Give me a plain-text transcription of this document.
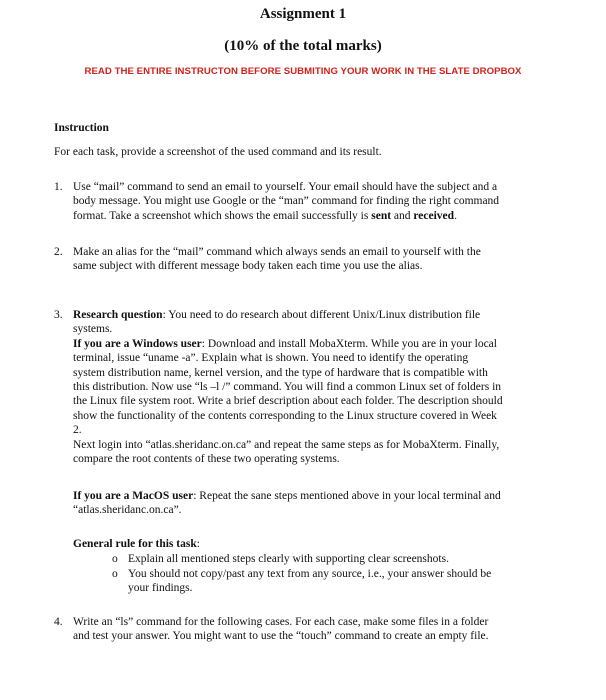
Assignment 1
(10% of the total marks)
READ THE ENTIRE INSTRUCTON BEFORE SUBMITING YOUR WORK IN THE SLATE DROPBOX
Instruction
For each task, provide a screenshot of the used command and its result.
1. Use “mail” command to send an email to yourself. Your email should have the subject and a
body message. You might use Google or the “man” command for finding the right command
format. Take a screenshot which shows the email successfully is sent and received.
2. Make an alias for the “mail” command which always sends an email to yourself with the
same subject with different message body taken each time you use the alias.
3. Research question: You need to do research about different Unix/Linux distribution file
systems.
If you are a Windows user: Download and install MobaXterm. While you are in your local
terminal, issue “uname -a”. Explain what is shown. You need to identify the operating
system distribution name, kernel version, and the type of hardware that is compatible with
this distribution. Now use “ls –l /” command. You will find a common Linux set of folders in
the Linux file system root. Write a brief description about each folder. The description should
show the functionality of the contents corresponding to the Linux structure covered in Week
2.
Next login into “atlas.sheridanc.on.ca” and repeat the same steps as for MobaXterm. Finally,
compare the root contents of these two operating systems.
If you are a MacOS user: Repeat the sane steps mentioned above in your local terminal and
“atlas.sheridanc.on.ca”.
General rule for this task:
o Explain all mentioned steps clearly with supporting clear screenshots.
o You should not copy/past any text from any source, i.e., your answer should be
your findings.
4. Write an “ls” command for the following cases. For each case, make some files in a folder
and test your answer. You might want to use the “touch” command to create an empty file.
